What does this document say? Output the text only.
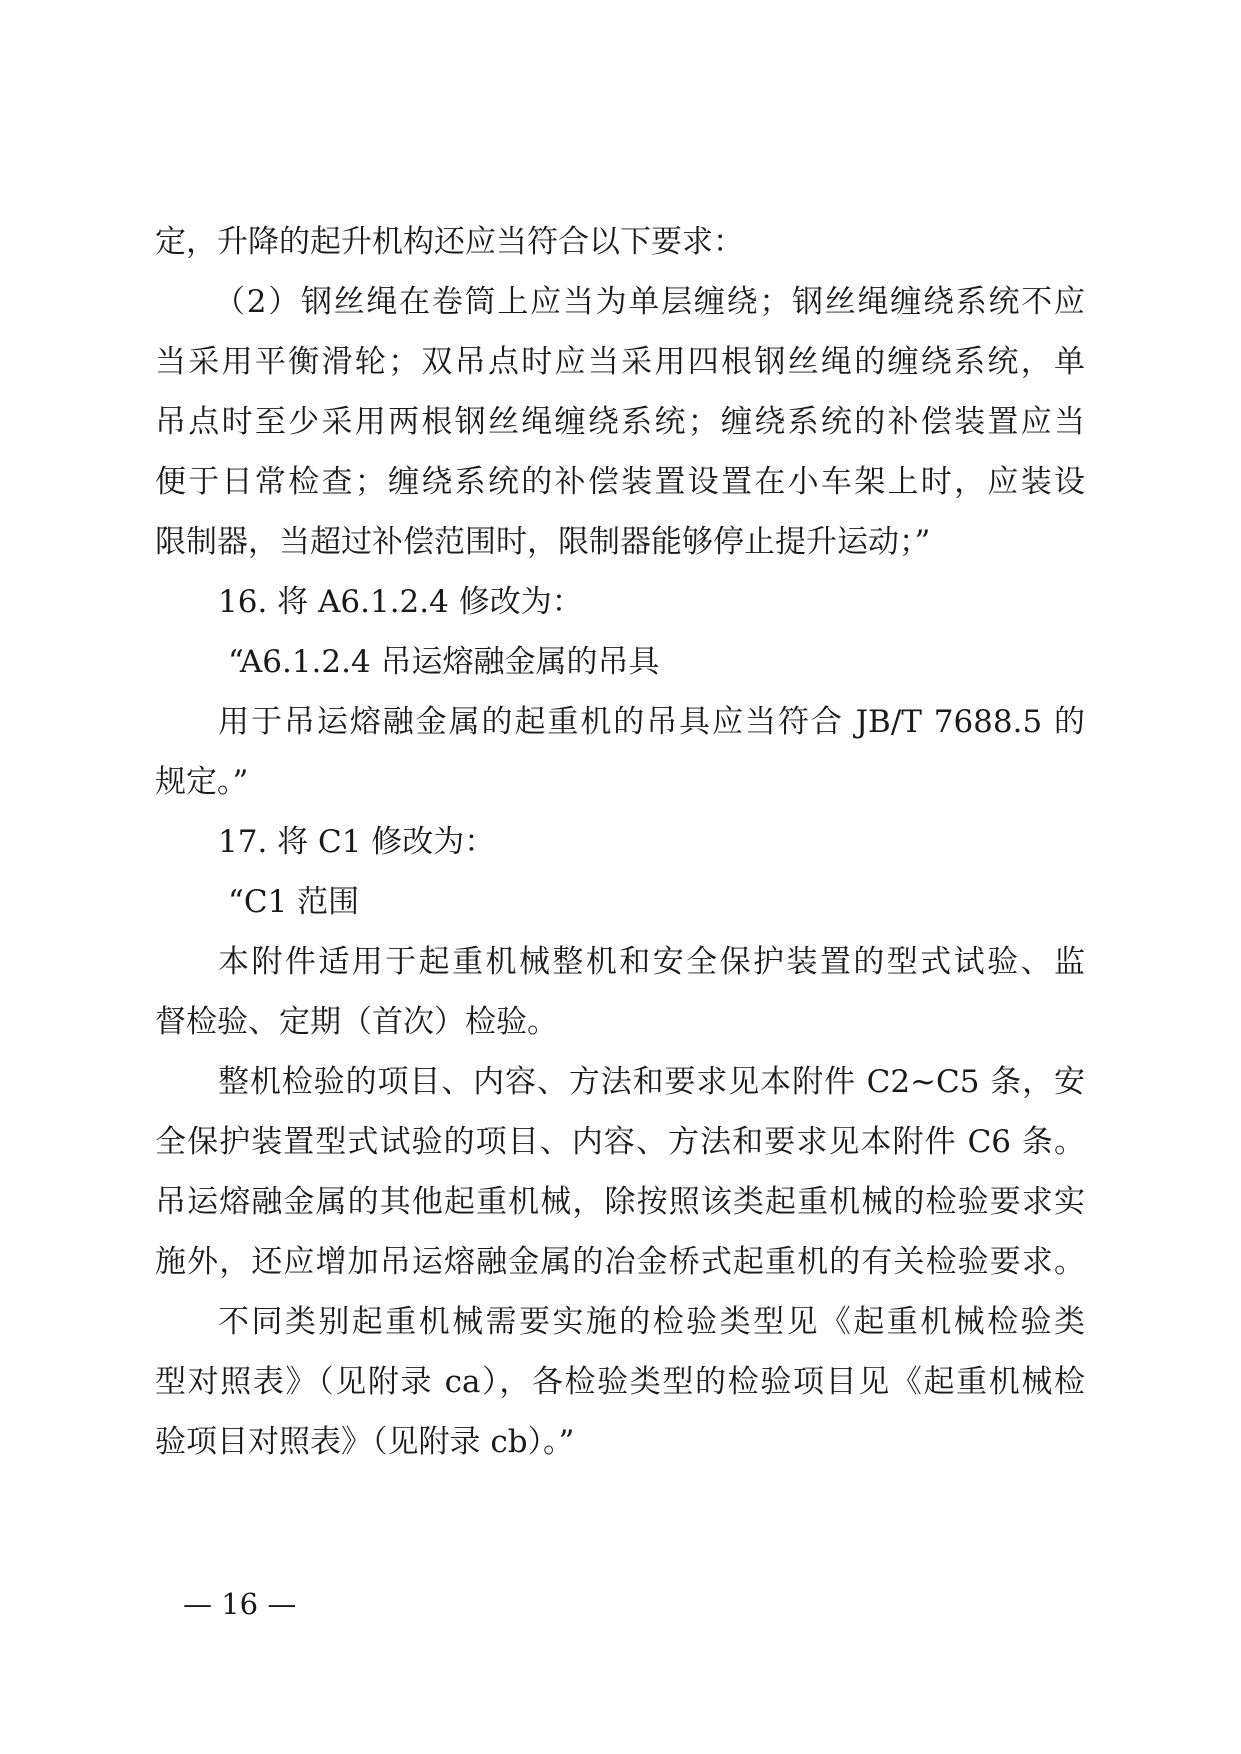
定，升降的起升机构还应当符合以下要求：
（2）钢丝绳在卷筒上应当为单层缠绕；钢丝绳缠绕系统不应
当采用平衡滑轮；双吊点时应当采用四根钢丝绳的缠绕系统，单
吊点时至少采用两根钢丝绳缠绕系统；缠绕系统的补偿装置应当
便于日常检查；缠绕系统的补偿装置设置在小车架上时，应装设
限制器，当超过补偿范围时，限制器能够停止提升运动；”
16. 将 A6.1.2.4 修改为：
“A6.1.2.4 吊运熔融金属的吊具
用于吊运熔融金属的起重机的吊具应当符合 JB/T 7688.5 的
规定。”
17. 将 C1 修改为：
“C1 范围
本附件适用于起重机械整机和安全保护装置的型式试验、监
督检验、定期（首次）检验。
整机检验的项目、内容、方法和要求见本附件 C2~C5 条，安
全保护装置型式试验的项目、内容、方法和要求见本附件 C6 条。
吊运熔融金属的其他起重机械，除按照该类起重机械的检验要求实
施外，还应增加吊运熔融金属的冶金桥式起重机的有关检验要求。
不同类别起重机械需要实施的检验类型见《起重机械检验类
型对照表》（见附录 ca），各检验类型的检验项目见《起重机械检
验项目对照表》（见附录 cb）。”
— 16 —
